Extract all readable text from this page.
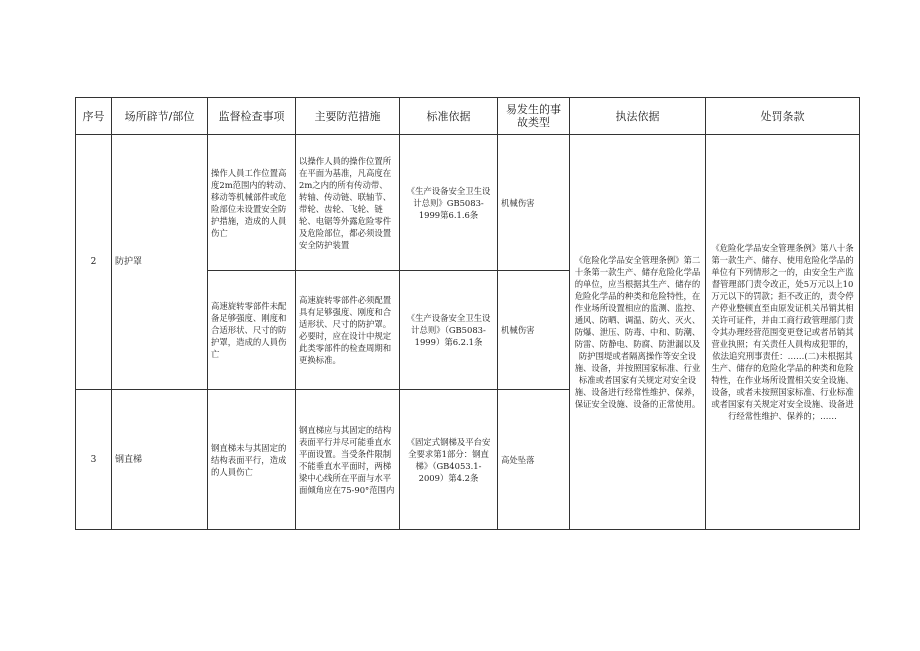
序号	场所辟节/部位	监督检查事项	主要防范措施	标准依据	易发生的事故类型	执法依据	处罚条款
2	防护罩	操作人員工作位置高度2m范围内的转动、移动等机械部件或危险部位未设置安全防护措施，造成的人員伤亡	以操作人員的操作位置所在平面为基准，凡高度在2m之内的所有传动带、转轴、传动链、联轴节、带轮、齿轮、飞轮、链轮、电锯等外露危险零件及危险部位，都必须设置安全防护装置	《生产设备安全卫生设计总则》GB5083-1999第6.1.6条	机械伤害	《危险化学品安全管理条例》第二十条第一款生产、储存危险化学品的单位，应当根据其生产、储存的危险化学品的种类和危险特性，在作业场所设置相应的监测、监控、通风、防晒、调温、防火、灭火、防爆、泄压、防毒、中和、防潮、防雷、防静电、防腐、防泄漏以及防护围堤或者隔离操作等安全设施、设备，并按照国家标准、行业标准或者国家有关规定对安全设施、设备进行经常性维护、保养，保证安全设施、设备的正常使用。	《危险化学品安全管理条例》第八十条第一款生产、储存、使用危险化学品的单位有下列情形之一的，由安全生产监督管理部门责令改正，处5万元以上10万元以下的罚款；拒不改正的，责令停产停业整顿直至由原发证机关吊销其相关许可证件，并由工商行政管理部门责令其办理经营范围变更登记或者吊销其营业执照；有关责任人員构成犯罪的，依法追究刑事责任：……(二)未根据其生产、储存的危险化学品的种类和危险特性，在作业场所设置相关安全设施、设备，或者未按照国家标准、行业标准或者国家有关规定对安全设施、设备进行经常性维护、保养的；……
		高速旋转零部件未配备足够强度、刚度和合适形状、尺寸的防护罩，造成的人員伤亡	高速旋转零部件必须配置具有足够强度、刚度和合适形状、尺寸的防护罩。必要时，应在设计中规定此类零部件的检查周期和更换标准。	《生产设备安全卫生设计总则》（GB5083-1999）第6.2.1条	机械伤害		
3	钢直梯	钢直梯未与其固定的结构表面平行，造成的人員伤亡	钢直梯应与其固定的结构表面平行并尽可能垂直水平面设置。当受条件限制不能垂直水平面时，两梯梁中心线所在平面与水平面倾角应在75-90°范围内	《固定式钢梯及平台安全要求第1部分：钢直梯》（GB4053.1-2009）第4.2条	高处坠落		
